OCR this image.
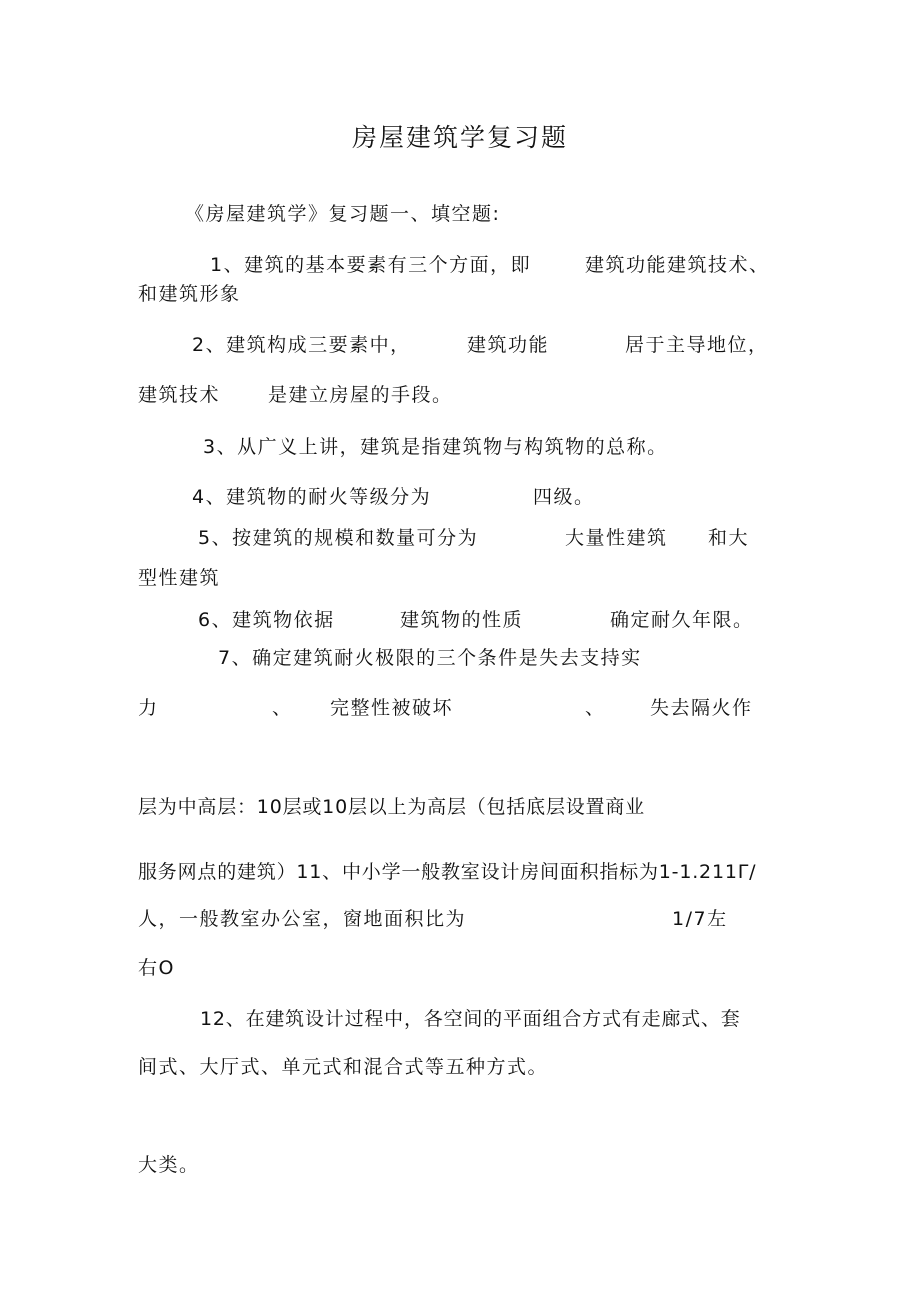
房屋建筑学复习题
《房屋建筑学》复习题一、填空题:
1、建筑的基本要素有三个方面，即	建筑功能建筑技术、
和建筑形象
2、建筑构成三要素中，	建筑功能	居于主导地位，
建筑技术	是建立房屋的手段。
3、从广义上讲，建筑是指建筑物与构筑物的总称。
4、建筑物的耐火等级分为	四级。
5、按建筑的规模和数量可分为	大量性建筑 和大
型性建筑
6、建筑物依据	建筑物的性质	确定耐久年限。
7、确定建筑耐火极限的三个条件是失去支持实
力	、 完整性被破坏	、 失去隔火作
层为中高层：10层或10层以上为高层（包括底层设置商业
服务网点的建筑）11、中小学一般教室设计房间面积指标为1-1.211Γ/
人，一般教室办公室，窗地面积比为	1/7左
右O
12、在建筑设计过程中，各空间的平面组合方式有走廊式、套
间式、大厅式、单元式和混合式等五种方式。
大类。
